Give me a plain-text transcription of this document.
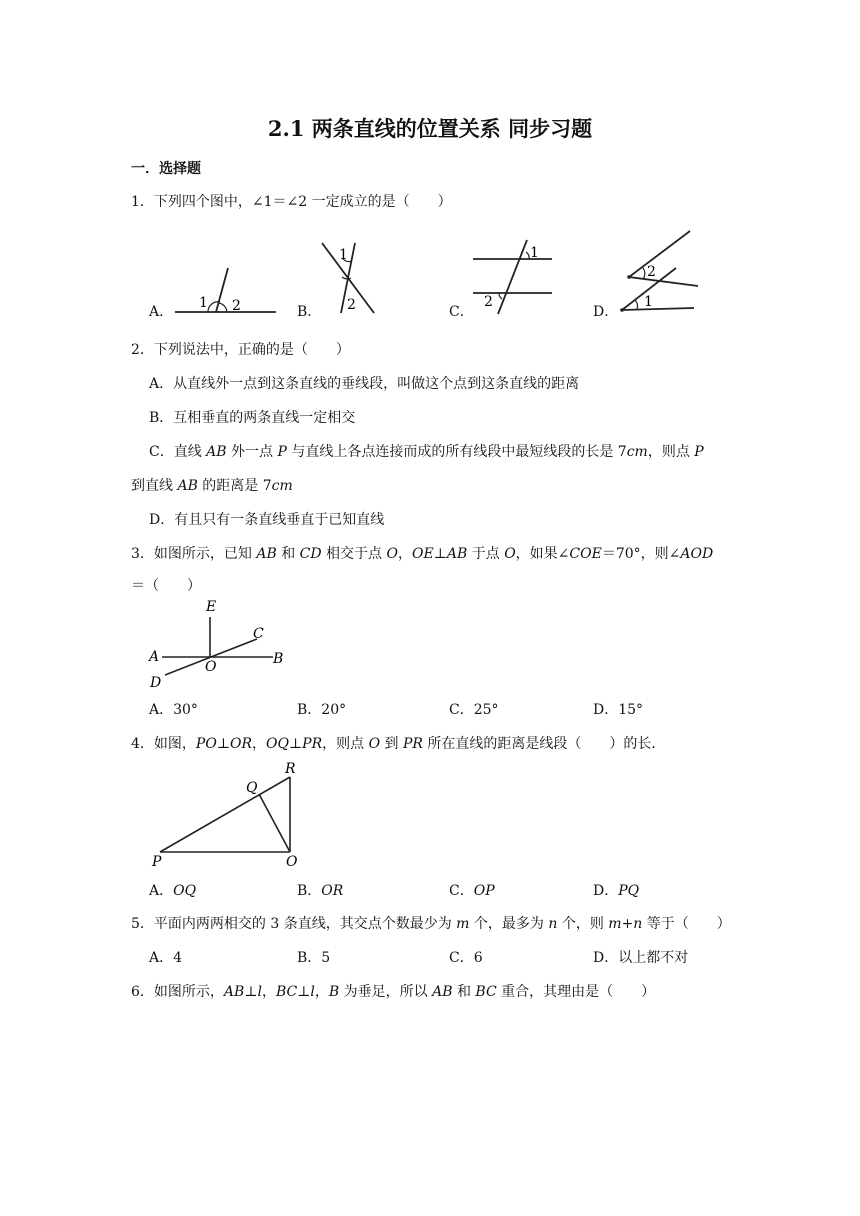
2.1 两条直线的位置关系 同步习题
一．选择题
1．下列四个图中，∠1＝∠2 一定成立的是（　　）
A．
1 2	B．
1
2	C．
1
2
D．
2
1
2．下列说法中，正确的是（　　）
A．从直线外一点到这条直线的垂线段，叫做这个点到这条直线的距离
B．互相垂直的两条直线一定相交
C．直线 AB 外一点 P 与直线上各点连接而成的所有线段中最短线段的长是 7cm，则点 P
到直线 AB 的距离是 7cm
D．有且只有一条直线垂直于已知直线
3．如图所示，已知 AB 和 CD 相交于点 O，OE⊥AB 于点 O，如果∠COE＝70°，则∠AOD
＝（　　）
E
C
A	B
O
D
A．30°	B．20°	C．25°	D．15°
4．如图，PO⊥OR，OQ⊥PR，则点 O 到 PR 所在直线的距离是线段（　　）的长．
R
Q
P	O
A．OQ	B．OR	C．OP	D．PQ
5．平面内两两相交的 3 条直线，其交点个数最少为 m 个，最多为 n 个，则 m+n 等于（　　）
A．4	B．5	C．6	D．以上都不对
6．如图所示，AB⊥l，BC⊥l，B 为垂足，所以 AB 和 BC 重合，其理由是（　　）
